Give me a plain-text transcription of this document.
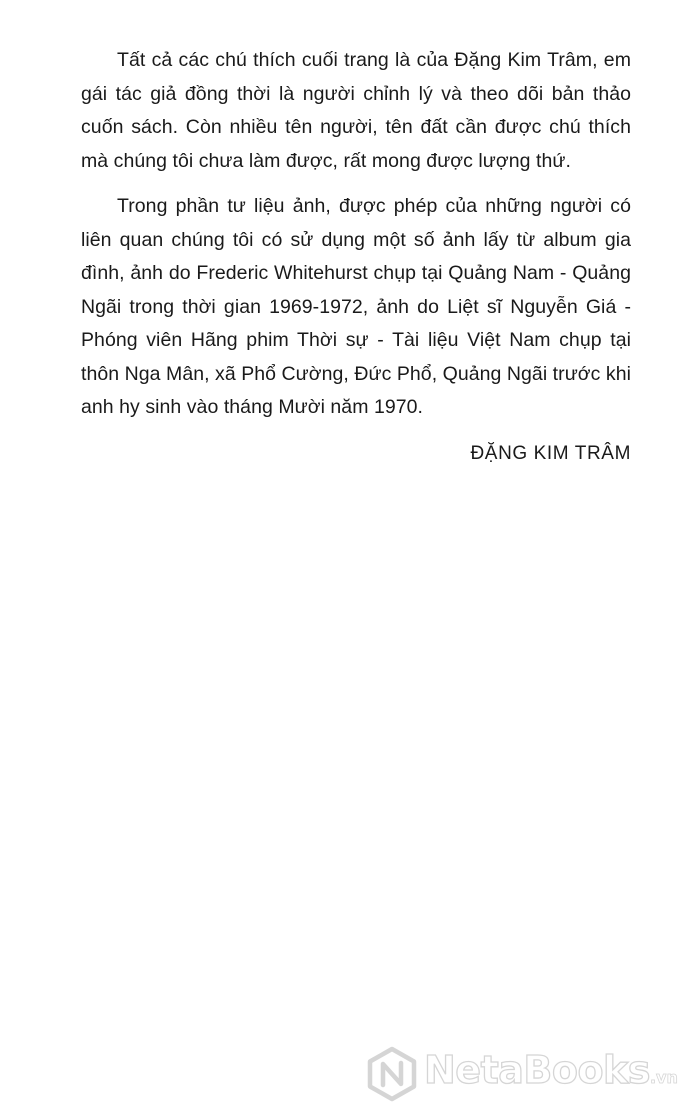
Tất cả các chú thích cuối trang là của Đặng Kim Trâm, em gái tác giả đồng thời là người chỉnh lý và theo dõi bản thảo cuốn sách. Còn nhiều tên người, tên đất cần được chú thích mà chúng tôi chưa làm được, rất mong được lượng thứ.

Trong phần tư liệu ảnh, được phép của những người có liên quan chúng tôi có sử dụng một số ảnh lấy từ album gia đình, ảnh do Frederic Whitehurst chụp tại Quảng Nam - Quảng Ngãi trong thời gian 1969-1972, ảnh do Liệt sĩ Nguyễn Giá - Phóng viên Hãng phim Thời sự - Tài liệu Việt Nam chụp tại thôn Nga Mân, xã Phổ Cường, Đức Phổ, Quảng Ngãi trước khi anh hy sinh vào tháng Mười năm 1970.

ĐẶNG KIM TRÂM

NetaBooks.vn
